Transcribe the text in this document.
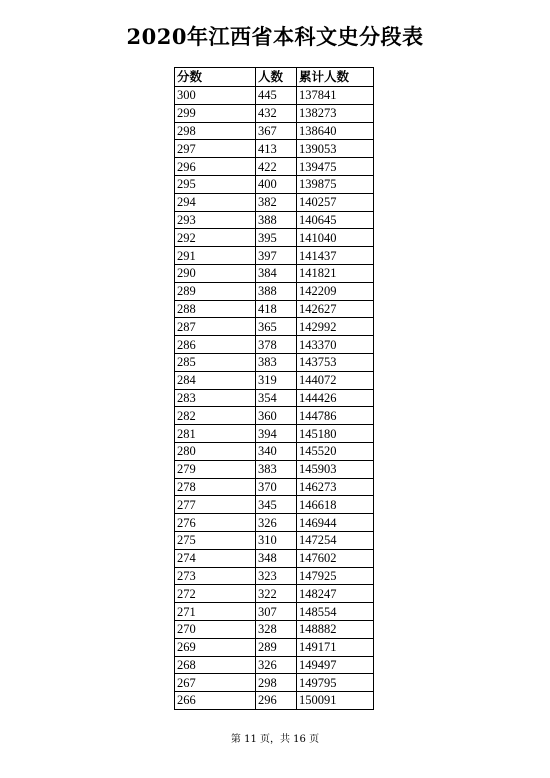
2020年江西省本科文史分段表
分数	人数	累计人数
300	445	137841
299	432	138273
298	367	138640
297	413	139053
296	422	139475
295	400	139875
294	382	140257
293	388	140645
292	395	141040
291	397	141437
290	384	141821
289	388	142209
288	418	142627
287	365	142992
286	378	143370
285	383	143753
284	319	144072
283	354	144426
282	360	144786
281	394	145180
280	340	145520
279	383	145903
278	370	146273
277	345	146618
276	326	146944
275	310	147254
274	348	147602
273	323	147925
272	322	148247
271	307	148554
270	328	148882
269	289	149171
268	326	149497
267	298	149795
266	296	150091
第 11 页，共 16 页
